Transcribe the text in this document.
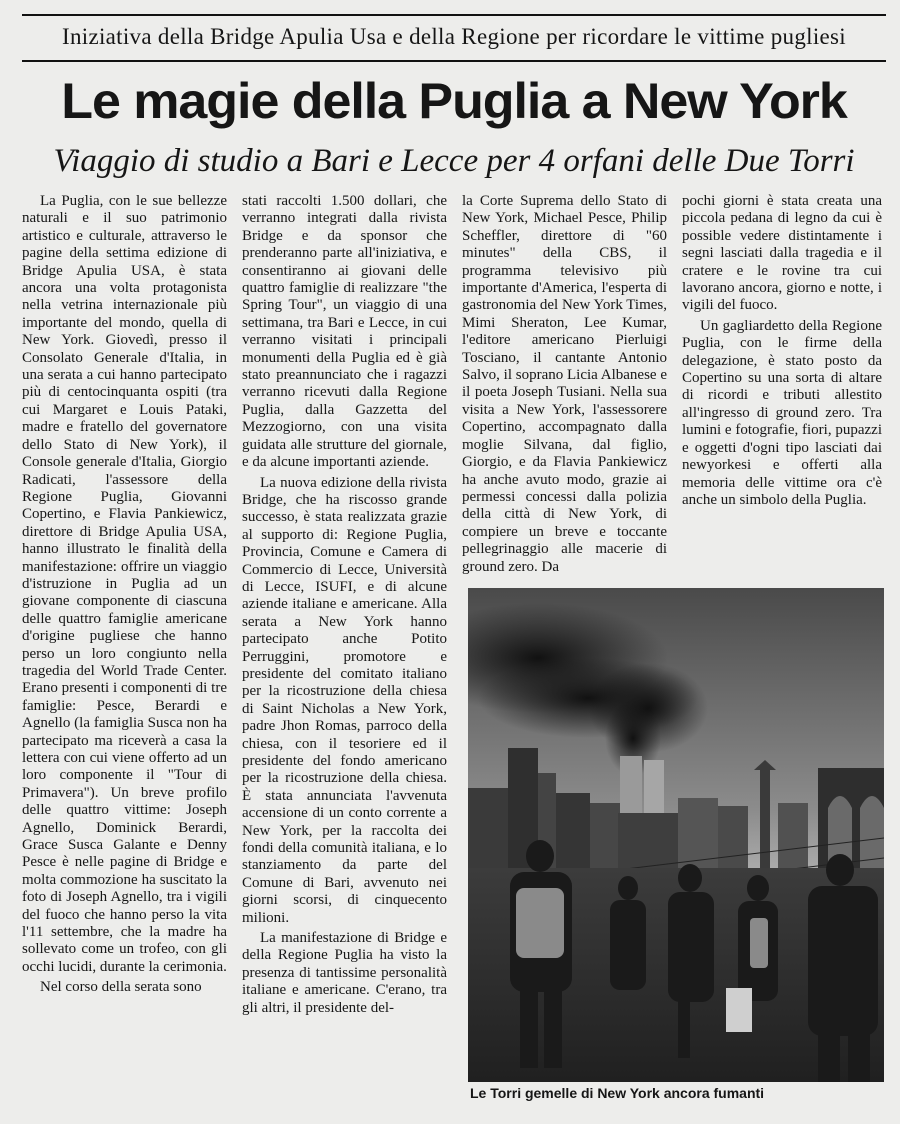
Iniziativa della Bridge Apulia Usa e della Regione per ricordare le vittime pugliesi
Le magie della Puglia a New York
Viaggio di studio a Bari e Lecce per 4 orfani delle Due Torri

La Puglia, con le sue bellezze naturali e il suo patrimonio artistico e culturale, attraverso le pagine della settima edizione di Bridge Apulia USA, è stata ancora una volta protagonista nella vetrina internazionale più importante del mondo, quella di New York. Giovedì, presso il Consolato Generale d'Italia, in una serata a cui hanno partecipato più di centocinquanta ospiti (tra cui Margaret e Louis Pataki, madre e fratello del governatore dello Stato di New York), il Console generale d'Italia, Giorgio Radicati, l'assessore della Regione Puglia, Giovanni Copertino, e Flavia Pankiewicz, direttore di Bridge Apulia USA, hanno illustrato le finalità della manifestazione: offrire un viaggio d'istruzione in Puglia ad un giovane componente di ciascuna delle quattro famiglie americane d'origine pugliese che hanno perso un loro congiunto nella tragedia del World Trade Center. Erano presenti i componenti di tre famiglie: Pesce, Berardi e Agnello (la famiglia Susca non ha partecipato ma riceverà a casa la lettera con cui viene offerto ad un loro componente il "Tour di Primavera"). Un breve profilo delle quattro vittime: Joseph Agnello, Dominick Berardi, Grace Susca Galante e Denny Pesce è nelle pagine di Bridge e molta commozione ha suscitato la foto di Joseph Agnello, tra i vigili del fuoco che hanno perso la vita l'11 settembre, che la madre ha sollevato come un trofeo, con gli occhi lucidi, durante la cerimonia.

Nel corso della serata sono

stati raccolti 1.500 dollari, che verranno integrati dalla rivista Bridge e da sponsor che prenderanno parte all'iniziativa, e consentiranno ai giovani delle quattro famiglie di realizzare "the Spring Tour", un viaggio di una settimana, tra Bari e Lecce, in cui verranno visitati i principali monumenti della Puglia ed è già stato preannunciato che i ragazzi verranno ricevuti dalla Regione Puglia, dalla Gazzetta del Mezzogiorno, con una visita guidata alle strutture del giornale, e da alcune importanti aziende.

La nuova edizione della rivista Bridge, che ha riscosso grande successo, è stata realizzata grazie al supporto di: Regione Puglia, Provincia, Comune e Camera di Commercio di Lecce, Università di Lecce, ISUFI, e di alcune aziende italiane e americane. Alla serata a New York hanno partecipato anche Potito Perruggini, promotore e presidente del comitato italiano per la ricostruzione della chiesa di Saint Nicholas a New York, padre Jhon Romas, parroco della chiesa, con il tesoriere ed il presidente del fondo americano per la ricostruzione della chiesa. È stata annunciata l'avvenuta accensione di un conto corrente a New York, per la raccolta dei fondi della comunità italiana, e lo stanziamento da parte del Comune di Bari, avvenuto nei giorni scorsi, di cinquecento milioni.

La manifestazione di Bridge e della Regione Puglia ha visto la presenza di tantissime personalità italiane e americane. C'erano, tra gli altri, il presidente del-

la Corte Suprema dello Stato di New York, Michael Pesce, Philip Scheffler, direttore di "60 minutes" della CBS, il programma televisivo più importante d'America, l'esperta di gastronomia del New York Times, Mimi Sheraton, Lee Kumar, l'editore americano Pierluigi Tosciano, il cantante Antonio Salvo, il soprano Licia Albanese e il poeta Joseph Tusiani. Nella sua visita a New York, l'assessorere Copertino, accompagnato dalla moglie Silvana, dal figlio, Giorgio, e da Flavia Pankiewicz ha anche avuto modo, grazie ai permessi concessi dalla polizia della città di New York, di compiere un breve e toccante pellegrinaggio alle macerie di ground zero. Da

pochi giorni è stata creata una piccola pedana di legno da cui è possible vedere distintamente i segni lasciati dalla tragedia e il cratere e le rovine tra cui lavorano ancora, giorno e notte, i vigili del fuoco.

Un gagliardetto della Regione Puglia, con le firme della delegazione, è stato posto da Copertino su una sorta di altare di ricordi e tributi allestito all'ingresso di ground zero. Tra lumini e fotografie, fiori, pupazzi e oggetti d'ogni tipo lasciati dai newyorkesi e offerti alla memoria delle vittime ora c'è anche un simbolo della Puglia.

Le Torri gemelle di New York ancora fumanti
